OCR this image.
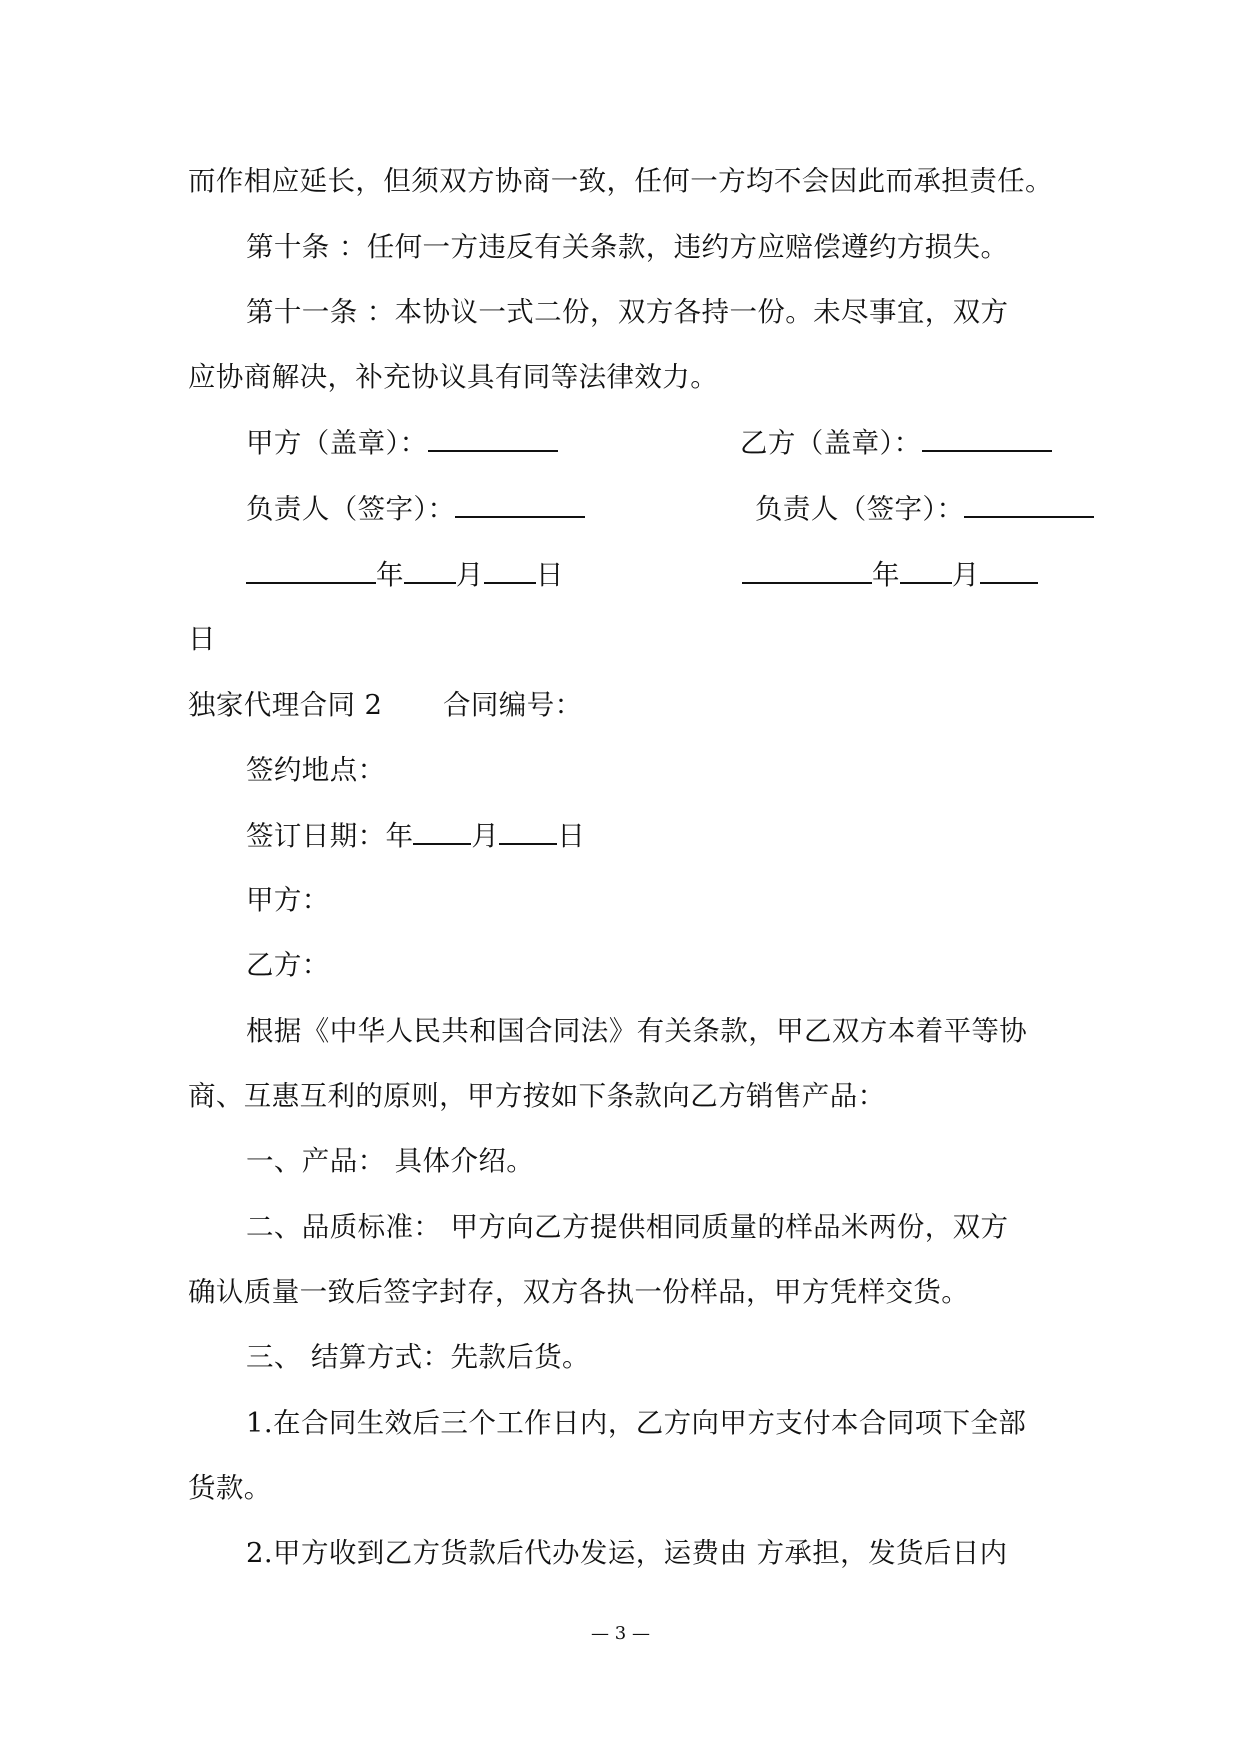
而作相应延长，但须双方协商一致，任何一方均不会因此而承担责任。
第十条 ：任何一方违反有关条款，违约方应赔偿遵约方损失。
第十一条 ：本协议一式二份，双方各持一份。未尽事宜，双方
应协商解决，补充协议具有同等法律效力。
甲方（盖章）：	乙方（盖章）：
负责人（签字）：	负责人（签字）：
年 月 日	年 月
日
独家代理合同 2 合同编号：
签约地点：
签订日期：年 月 日
甲方：
乙方：
根据《中华人民共和国合同法》有关条款，甲乙双方本着平等协
商、互惠互利的原则，甲方按如下条款向乙方销售产品：
一、产品： 具体介绍。
二、品质标准： 甲方向乙方提供相同质量的样品米两份，双方
确认质量一致后签字封存，双方各执一份样品，甲方凭样交货。
三、 结算方式：先款后货。
1.在合同生效后三个工作日内，乙方向甲方支付本合同项下全部
货款。
2.甲方收到乙方货款后代办发运，运费由 方承担，发货后日内
— 3 —
